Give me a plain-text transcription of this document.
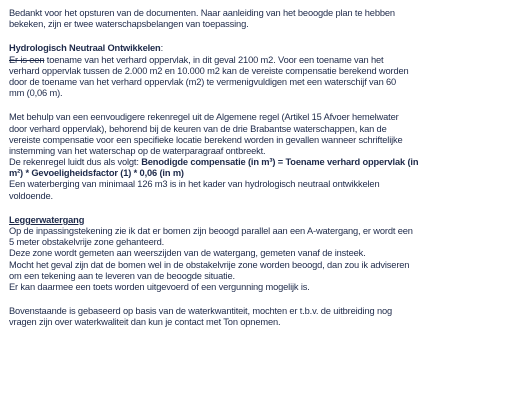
Bedankt voor het opsturen van de documenten. Naar aanleiding van het beoogde plan te hebben
bekeken, zijn er twee waterschapsbelangen van toepassing.
Hydrologisch Neutraal Ontwikkelen:
Er is een toename van het verhard oppervlak, in dit geval 2100 m2. Voor een toename van het
verhard oppervlak tussen de 2.000 m2 en 10.000 m2 kan de vereiste compensatie berekend worden
door de toename van het verhard oppervlak (m2) te vermenigvuldigen met een waterschijf van 60
mm (0,06 m).
Met behulp van een eenvoudigere rekenregel uit de Algemene regel (Artikel 15 Afvoer hemelwater
door verhard oppervlak), behorend bij de keuren van de drie Brabantse waterschappen, kan de
vereiste compensatie voor een specifieke locatie berekend worden in gevallen wanneer schriftelijke
instemming van het waterschap op de waterparagraaf ontbreekt.
De rekenregel luidt dus als volgt: Benodigde compensatie (in m³) = Toename verhard oppervlak (in
m²) * Gevoeligheidsfactor (1) * 0,06 (in m)
Een waterberging van minimaal 126 m3 is in het kader van hydrologisch neutraal ontwikkelen
voldoende.
Leggerwatergang
Op de inpassingstekening zie ik dat er bomen zijn beoogd parallel aan een A-watergang, er wordt een
5 meter obstakelvrije zone gehanteerd.
Deze zone wordt gemeten aan weerszijden van de watergang, gemeten vanaf de insteek.
Mocht het geval zijn dat de bomen wel in de obstakelvrije zone worden beoogd, dan zou ik adviseren
om een tekening aan te leveren van de beoogde situatie.
Er kan daarmee een toets worden uitgevoerd of een vergunning mogelijk is.
Bovenstaande is gebaseerd op basis van de waterkwantiteit, mochten er t.b.v. de uitbreiding nog
vragen zijn over waterkwaliteit dan kun je contact met Ton opnemen.
